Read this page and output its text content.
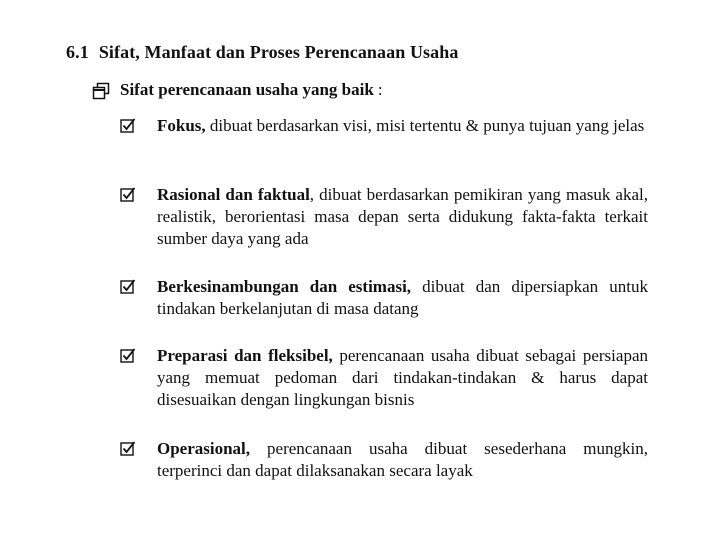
6.1 Sifat, Manfaat dan Proses Perencanaan Usaha
Sifat perencanaan usaha yang baik :
Fokus, dibuat berdasarkan visi, misi tertentu & punya tujuan yang jelas
Rasional dan faktual, dibuat berdasarkan pemikiran yang masuk akal, realistik, berorientasi masa depan serta didukung fakta-fakta terkait sumber daya yang ada
Berkesinambungan dan estimasi, dibuat dan dipersiapkan untuk tindakan berkelanjutan di masa datang
Preparasi dan fleksibel, perencanaan usaha dibuat sebagai persiapan yang memuat pedoman dari tindakan-tindakan & harus dapat disesuaikan dengan lingkungan bisnis
Operasional, perencanaan usaha dibuat sesederhana mungkin, terperinci dan dapat dilaksanakan secara layak
